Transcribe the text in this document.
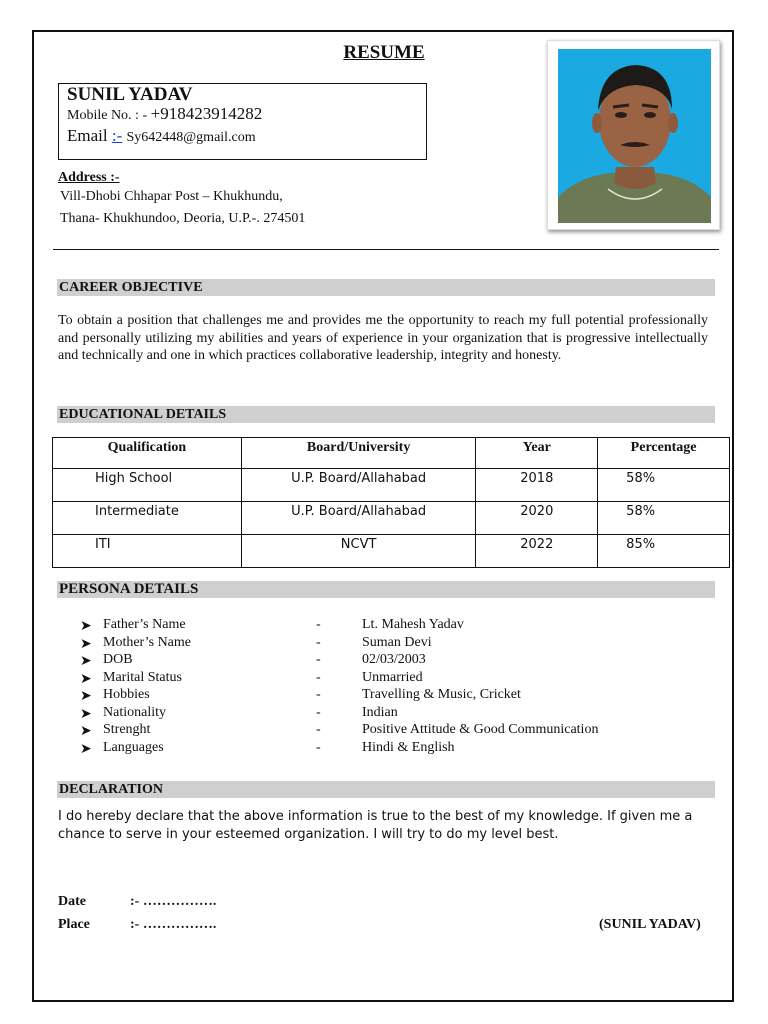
RESUME
SUNIL YADAV
Mobile No. : - +918423914282
Email :- Sy642448@gmail.com
Address :-
Vill-Dhobi Chhapar Post – Khukhundu,
Thana- Khukhundoo, Deoria, U.P.-. 274501
CAREER OBJECTIVE
To obtain a position that challenges me and provides me the opportunity to reach my full potential professionally and personally utilizing my abilities and years of experience in your organization that is progressive intellectually and technically and one in which practices collaborative leadership, integrity and honesty.
EDUCATIONAL DETAILS
Qualification	Board/University	Year	Percentage
High School	U.P. Board/Allahabad	2018	58%
Intermediate	U.P. Board/Allahabad	2020	58%
ITI	NCVT	2022	85%
PERSONA DETAILS
➤ Father’s Name	-	Lt. Mahesh Yadav
➤ Mother’s Name	-	Suman Devi
➤ DOB	-	02/03/2003
➤ Marital Status	-	Unmarried
➤ Hobbies	-	Travelling & Music, Cricket
➤ Nationality	-	Indian
➤ Strenght	-	Positive Attitude & Good Communication
➤ Languages	-	Hindi & English
DECLARATION
I do hereby declare that the above information is true to the best of my knowledge. If given me a chance to serve in your esteemed organization. I will try to do my level best.
Date	:- …………….
Place	:- …………….	(SUNIL YADAV)
